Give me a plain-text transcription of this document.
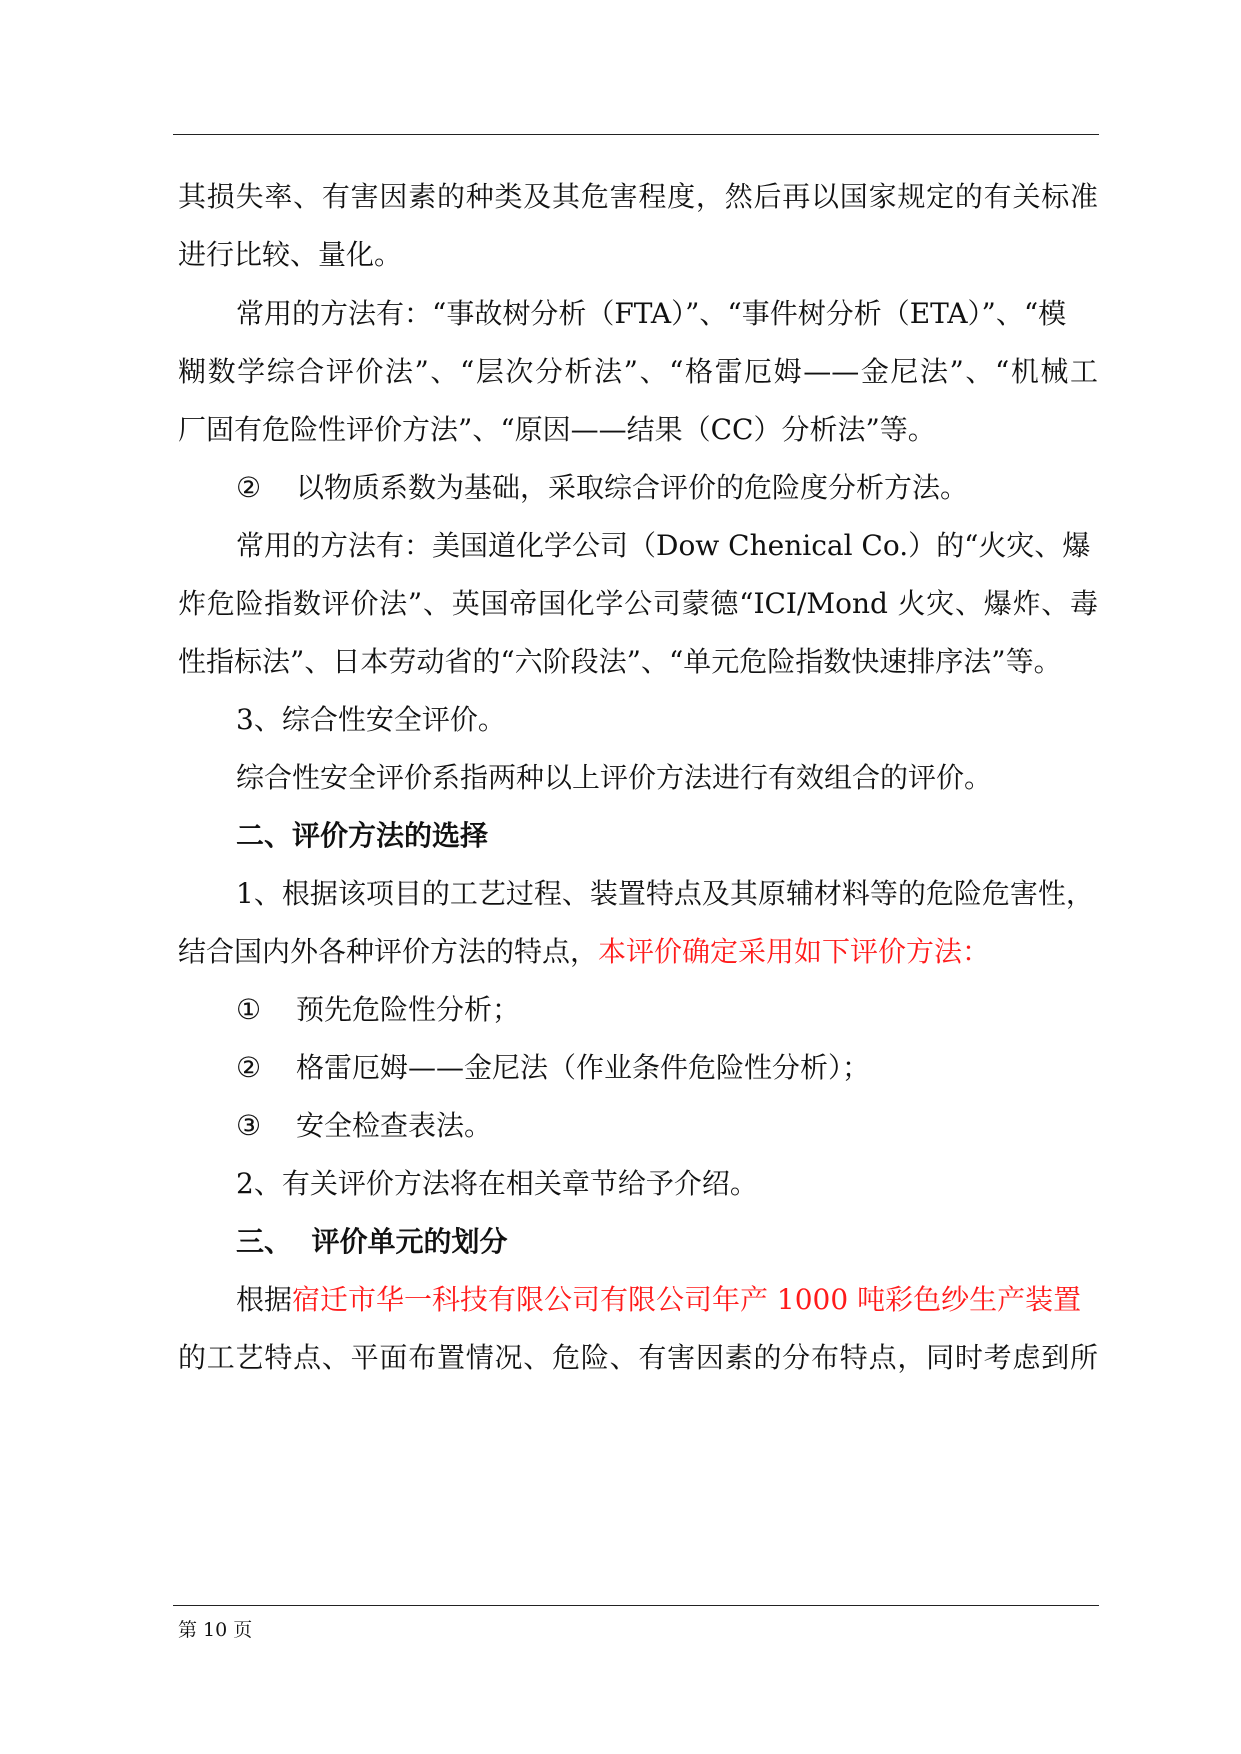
其损失率、有害因素的种类及其危害程度，然后再以国家规定的有关标准
进行比较、量化。
常用的方法有：“事故树分析（FTA）”、“事件树分析（ETA）”、“模
糊数学综合评价法”、“层次分析法”、“格雷厄姆——金尼法”、“机械工
厂固有危险性评价方法”、“原因——结果（CC）分析法”等。
② 以物质系数为基础，采取综合评价的危险度分析方法。
常用的方法有：美国道化学公司（Dow Chenical Co.）的“火灾、爆
炸危险指数评价法”、英国帝国化学公司蒙德“ICI/Mond 火灾、爆炸、毒
性指标法”、日本劳动省的“六阶段法”、“单元危险指数快速排序法”等。
3、综合性安全评价。
综合性安全评价系指两种以上评价方法进行有效组合的评价。
二、评价方法的选择
1、根据该项目的工艺过程、装置特点及其原辅材料等的危险危害性，
结合国内外各种评价方法的特点，本评价确定采用如下评价方法：
① 预先危险性分析；
② 格雷厄姆——金尼法（作业条件危险性分析）；
③ 安全检查表法。
2、有关评价方法将在相关章节给予介绍。
三、  评价单元的划分
根据宿迁市华一科技有限公司有限公司年产 1000 吨彩色纱生产装置
的工艺特点、平面布置情况、危险、有害因素的分布特点，同时考虑到所
第 10 页
